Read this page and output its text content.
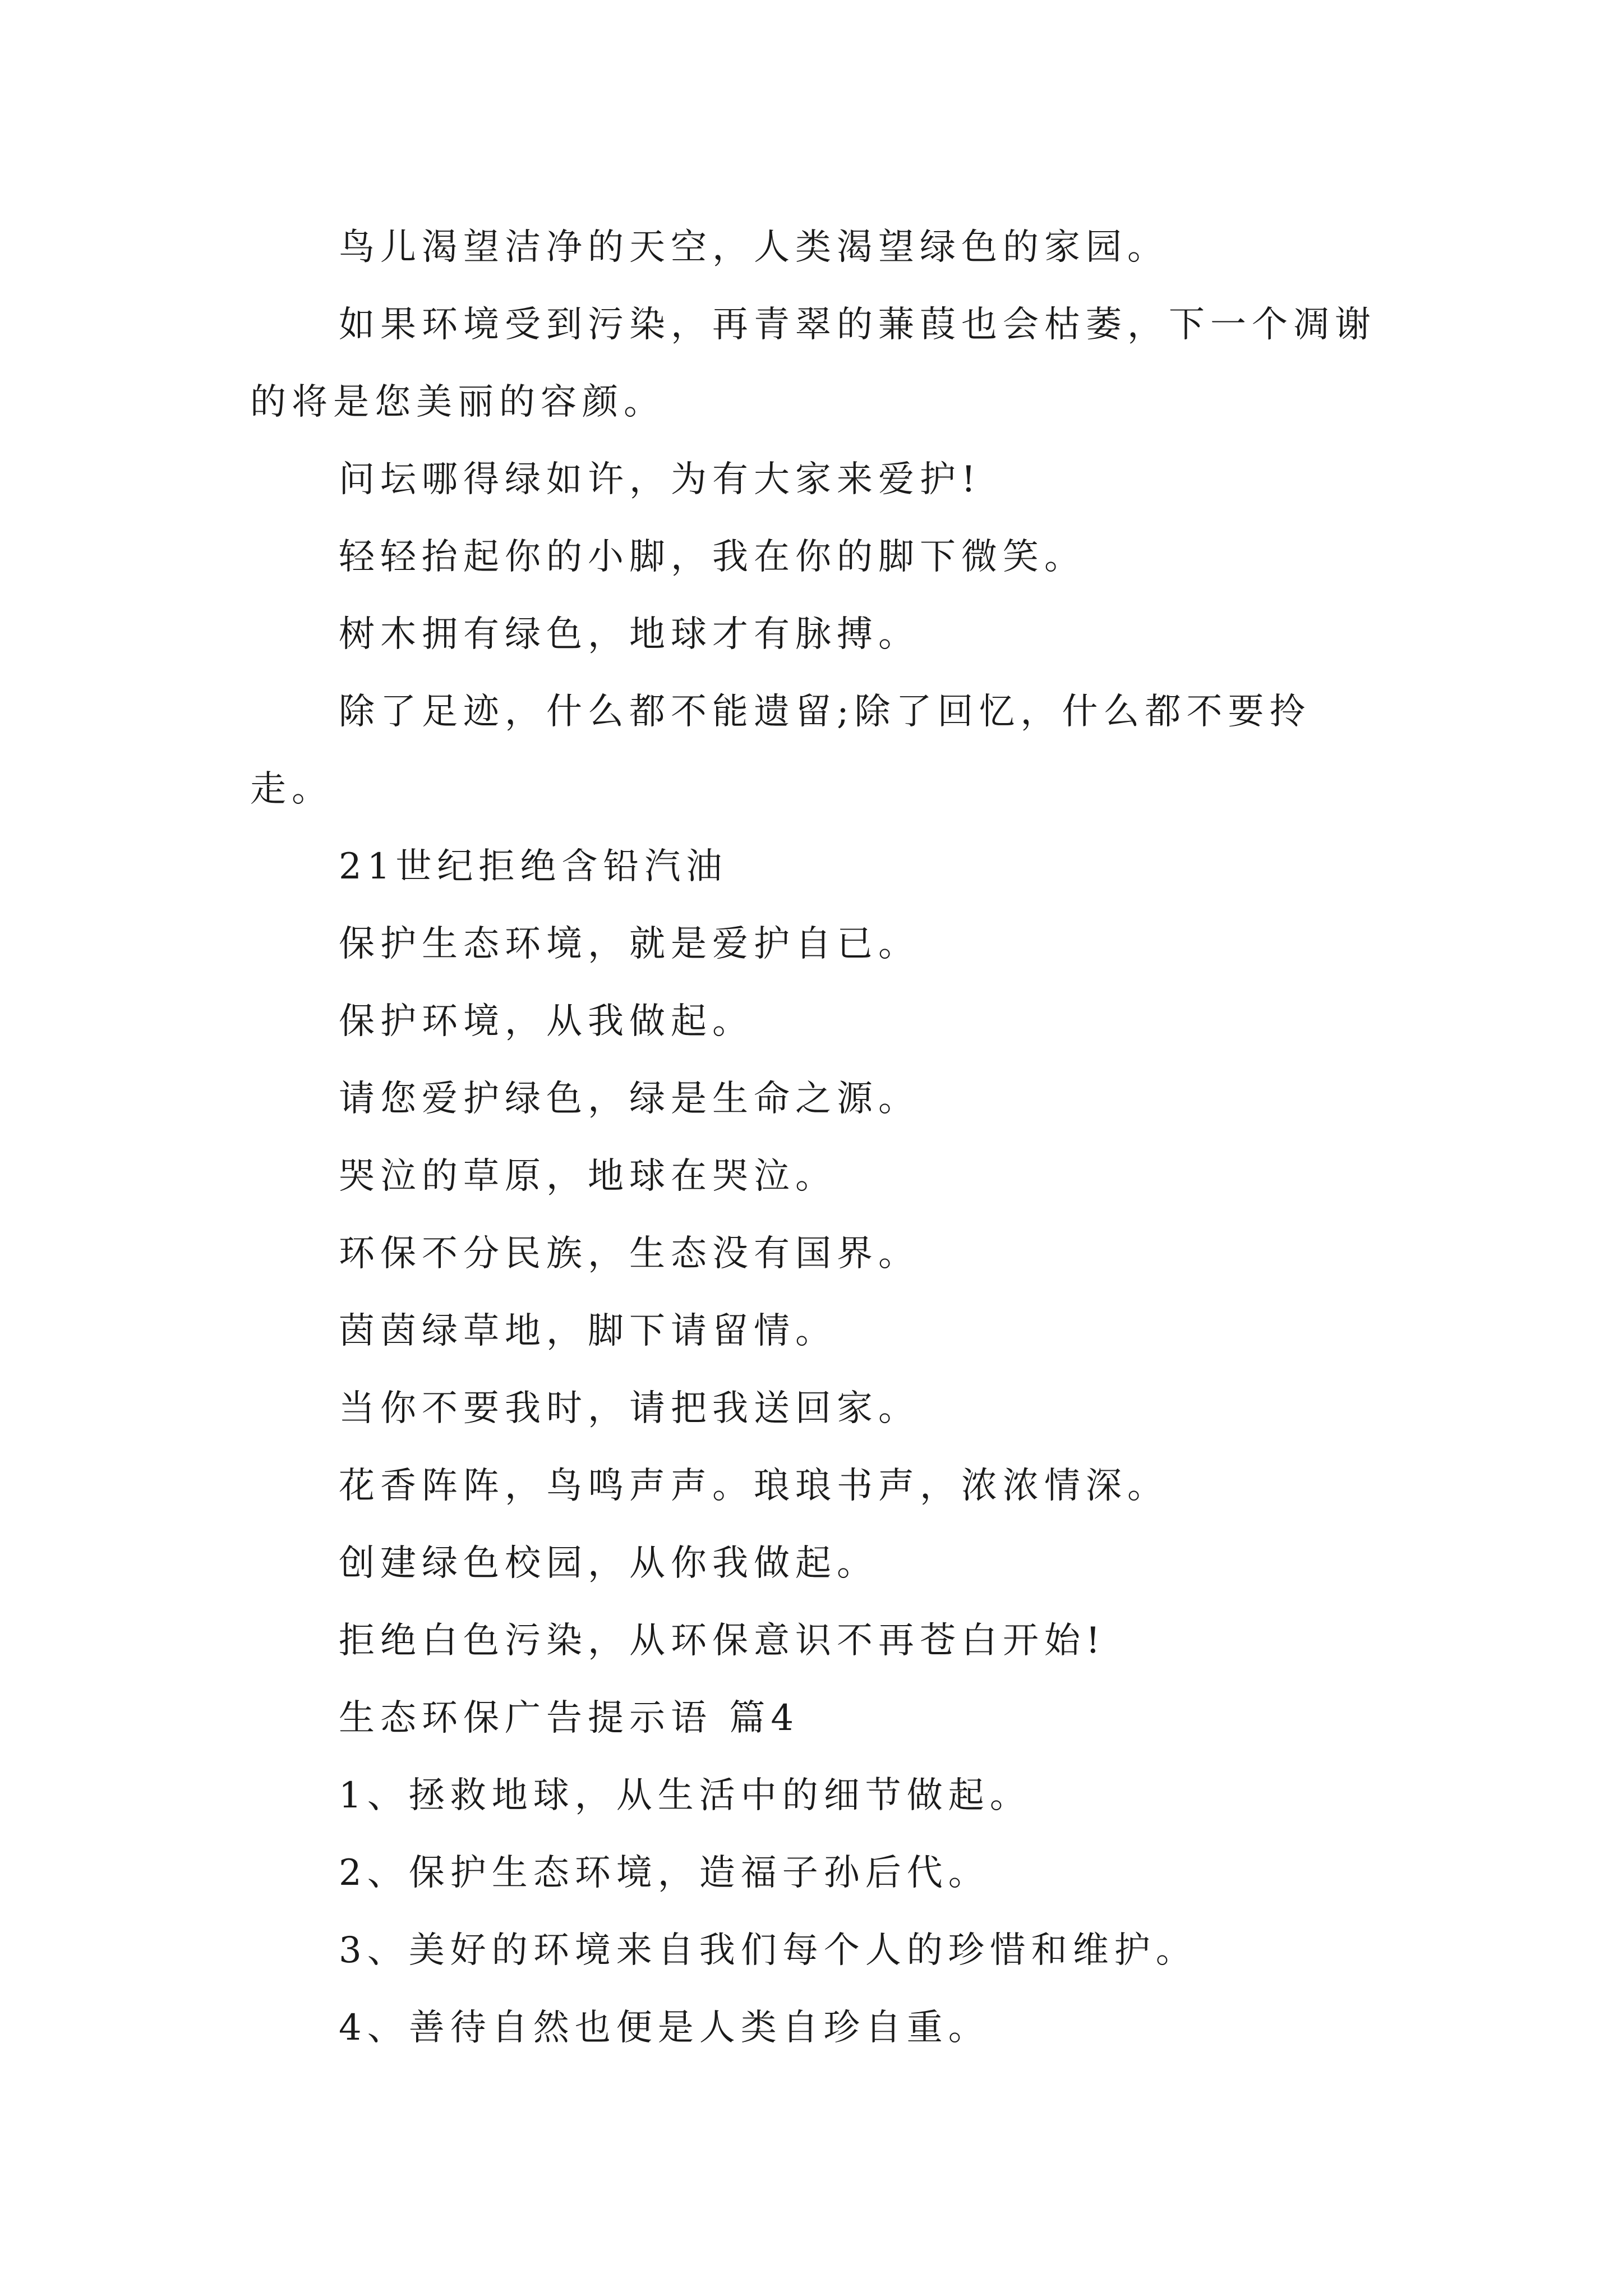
鸟儿渴望洁净的天空，人类渴望绿色的家园。

如果环境受到污染，再青翠的蒹葭也会枯萎，下一个凋谢的将是您美丽的容颜。

问坛哪得绿如许，为有大家来爱护!

轻轻抬起你的小脚，我在你的脚下微笑。

树木拥有绿色，地球才有脉搏。

除了足迹，什么都不能遗留;除了回忆，什么都不要拎走。

21世纪拒绝含铅汽油

保护生态环境，就是爱护自已。

保护环境，从我做起。

请您爱护绿色，绿是生命之源。

哭泣的草原，地球在哭泣。

环保不分民族，生态没有国界。

茵茵绿草地，脚下请留情。

当你不要我时，请把我送回家。

花香阵阵，鸟鸣声声。琅琅书声，浓浓情深。

创建绿色校园，从你我做起。

拒绝白色污染，从环保意识不再苍白开始!

生态环保广告提示语 篇4

1、拯救地球，从生活中的细节做起。

2、保护生态环境，造福子孙后代。

3、美好的环境来自我们每个人的珍惜和维护。

4、善待自然也便是人类自珍自重。
